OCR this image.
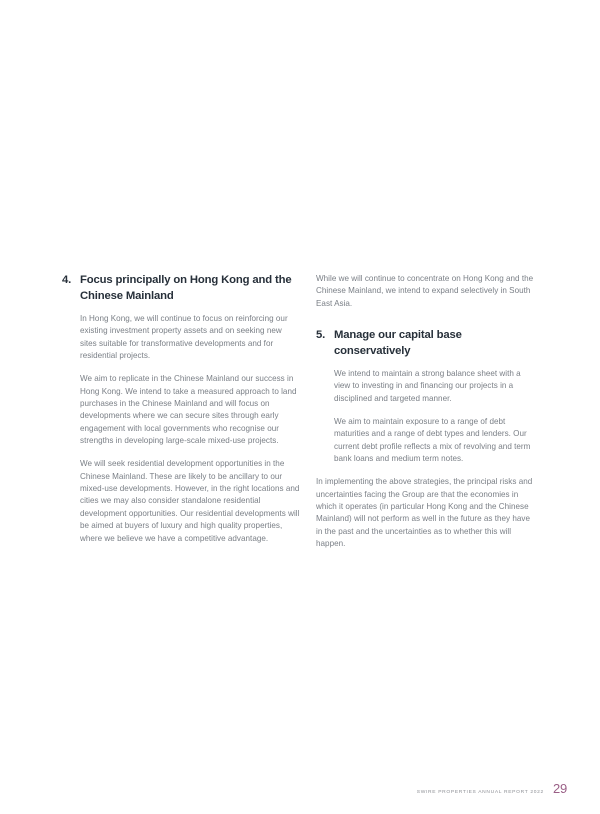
4. Focus principally on Hong Kong and the Chinese Mainland

In Hong Kong, we will continue to focus on reinforcing our existing investment property assets and on seeking new sites suitable for transformative developments and for residential projects.

We aim to replicate in the Chinese Mainland our success in Hong Kong. We intend to take a measured approach to land purchases in the Chinese Mainland and will focus on developments where we can secure sites through early engagement with local governments who recognise our strengths in developing large-scale mixed-use projects.

We will seek residential development opportunities in the Chinese Mainland. These are likely to be ancillary to our mixed-use developments. However, in the right locations and cities we may also consider standalone residential development opportunities. Our residential developments will be aimed at buyers of luxury and high quality properties, where we believe we have a competitive advantage.

While we will continue to concentrate on Hong Kong and the Chinese Mainland, we intend to expand selectively in South East Asia.

5. Manage our capital base conservatively

We intend to maintain a strong balance sheet with a view to investing in and financing our projects in a disciplined and targeted manner.

We aim to maintain exposure to a range of debt maturities and a range of debt types and lenders. Our current debt profile reflects a mix of revolving and term bank loans and medium term notes.

In implementing the above strategies, the principal risks and uncertainties facing the Group are that the economies in which it operates (in particular Hong Kong and the Chinese Mainland) will not perform as well in the future as they have in the past and the uncertainties as to whether this will happen.

SWIRE PROPERTIES ANNUAL REPORT 2022 29
